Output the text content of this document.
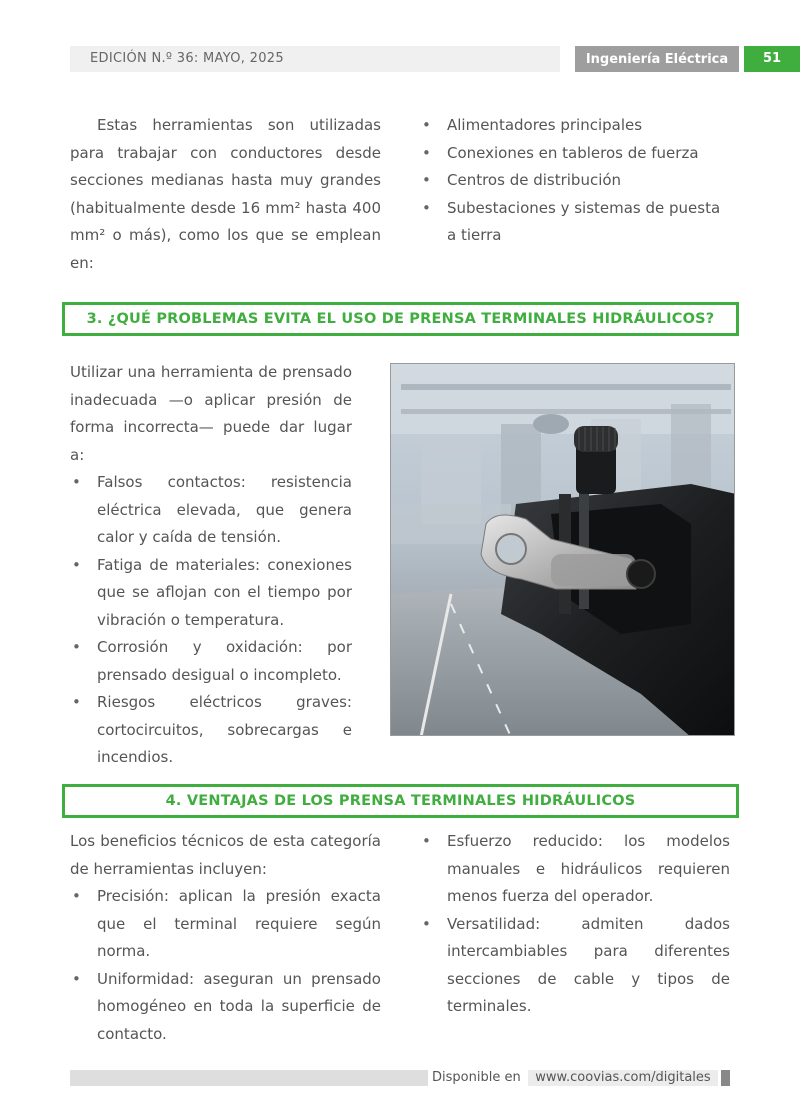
EDICIÓN N.º 36: MAYO, 2025	Ingeniería Eléctrica	51

Estas herramientas son utilizadas para trabajar con conductores desde secciones medianas hasta muy grandes (habitualmente desde 16 mm² hasta 400 mm² o más), como los que se emplean en:

• Alimentadores principales
• Conexiones en tableros de fuerza
• Centros de distribución
• Subestaciones y sistemas de puesta a tierra
3. ¿QUÉ PROBLEMAS EVITA EL USO DE PRENSA TERMINALES HIDRÁULICOS?

Utilizar una herramienta de prensado inadecuada —o aplicar presión de forma incorrecta— puede dar lugar a:

• Falsos contactos: resistencia eléctrica elevada, que genera calor y caída de tensión.
• Fatiga de materiales: conexiones que se aflojan con el tiempo por vibración o temperatura.
• Corrosión y oxidación: por prensado desigual o incompleto.
• Riesgos eléctricos graves: cortocircuitos, sobrecargas e incendios.
4. VENTAJAS DE LOS PRENSA TERMINALES HIDRÁULICOS

Los beneficios técnicos de esta categoría de herramientas incluyen:

• Precisión: aplican la presión exacta que el terminal requiere según norma.
• Uniformidad: aseguran un prensado homogéneo en toda la superficie de contacto.
• Esfuerzo reducido: los modelos manuales e hidráulicos requieren menos fuerza del operador.
• Versatilidad: admiten dados intercambiables para diferentes secciones de cable y tipos de terminales.
Disponible en	www.coovias.com/digitales
